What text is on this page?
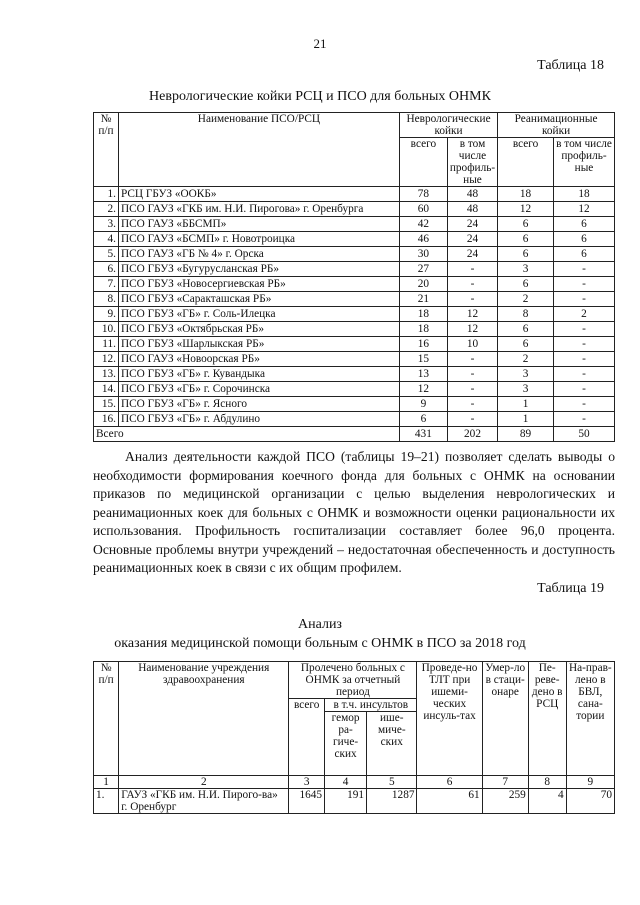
21
Таблица 18
Неврологические койки РСЦ и ПСО для больных ОНМК
№ п/п	Наименование ПСО/РСЦ	Неврологические койки		Реанимационные койки	
		всего	в том числе профиль-ные	всего	в том числе профиль-ные
1.	РСЦ ГБУЗ «ООКБ»	78	48	18	18
2.	ПСО ГАУЗ «ГКБ им. Н.И. Пирогова» г. Оренбурга	60	48	12	12
3.	ПСО ГАУЗ «ББСМП»	42	24	6	6
4.	ПСО ГАУЗ «БСМП» г. Новотроицка	46	24	6	6
5.	ПСО ГАУЗ «ГБ № 4» г. Орска	30	24	6	6
6.	ПСО ГБУЗ «Бугурусланская РБ»	27	-	3	-
7.	ПСО ГБУЗ «Новосергиевская РБ»	20	-	6	-
8.	ПСО ГБУЗ «Саракташская РБ»	21	-	2	-
9.	ПСО ГБУЗ «ГБ» г. Соль-Илецка	18	12	8	2
10.	ПСО ГБУЗ «Октябрьская РБ»	18	12	6	-
11.	ПСО ГБУЗ «Шарлыкская РБ»	16	10	6	-
12.	ПСО ГАУЗ «Новоорская РБ»	15	-	2	-
13.	ПСО ГБУЗ «ГБ» г. Кувандыка	13	-	3	-
14.	ПСО ГБУЗ «ГБ» г. Сорочинска	12	-	3	-
15.	ПСО ГБУЗ «ГБ» г. Ясного	9	-	1	-
16.	ПСО ГБУЗ «ГБ» г. Абдулино	6	-	1	-
Всего		431	202	89	50

Анализ деятельности каждой ПСО (таблицы 19–21) позволяет сделать выводы о необходимости формирования коечного фонда для больных с ОНМК на основании приказов по медицинской организации с целью выделения неврологических и реанимационных коек для больных с ОНМК и возможности оценки рациональности их использования. Профильность госпитализации составляет более 96,0 процента. Основные проблемы внутри учреждений – недостаточная обеспеченность и доступность реанимационных коек в связи с их общим профилем.

Таблица 19
Анализ
оказания медицинской помощи больным с ОНМК в ПСО за 2018 год
№ п/п	Наименование учреждения здравоохранения	Пролечено больных с ОНМК за отчетный период			Проведе-но ТЛТ при ишеми-ческих инсуль-тах	Умер-ло в стаци-онаре	Пе-реве-дено в РСЦ	На-прав-лено в БВЛ, сана-тории
		всего	в т.ч. инсультов					
			гемор ра-гиче-ских	ише-миче-ских				
1	2	3	4	5	6	7	8	9
1.	ГАУЗ «ГКБ им. Н.И. Пирого-ва» г. Оренбург	1645	191	1287	61	259	4	70
